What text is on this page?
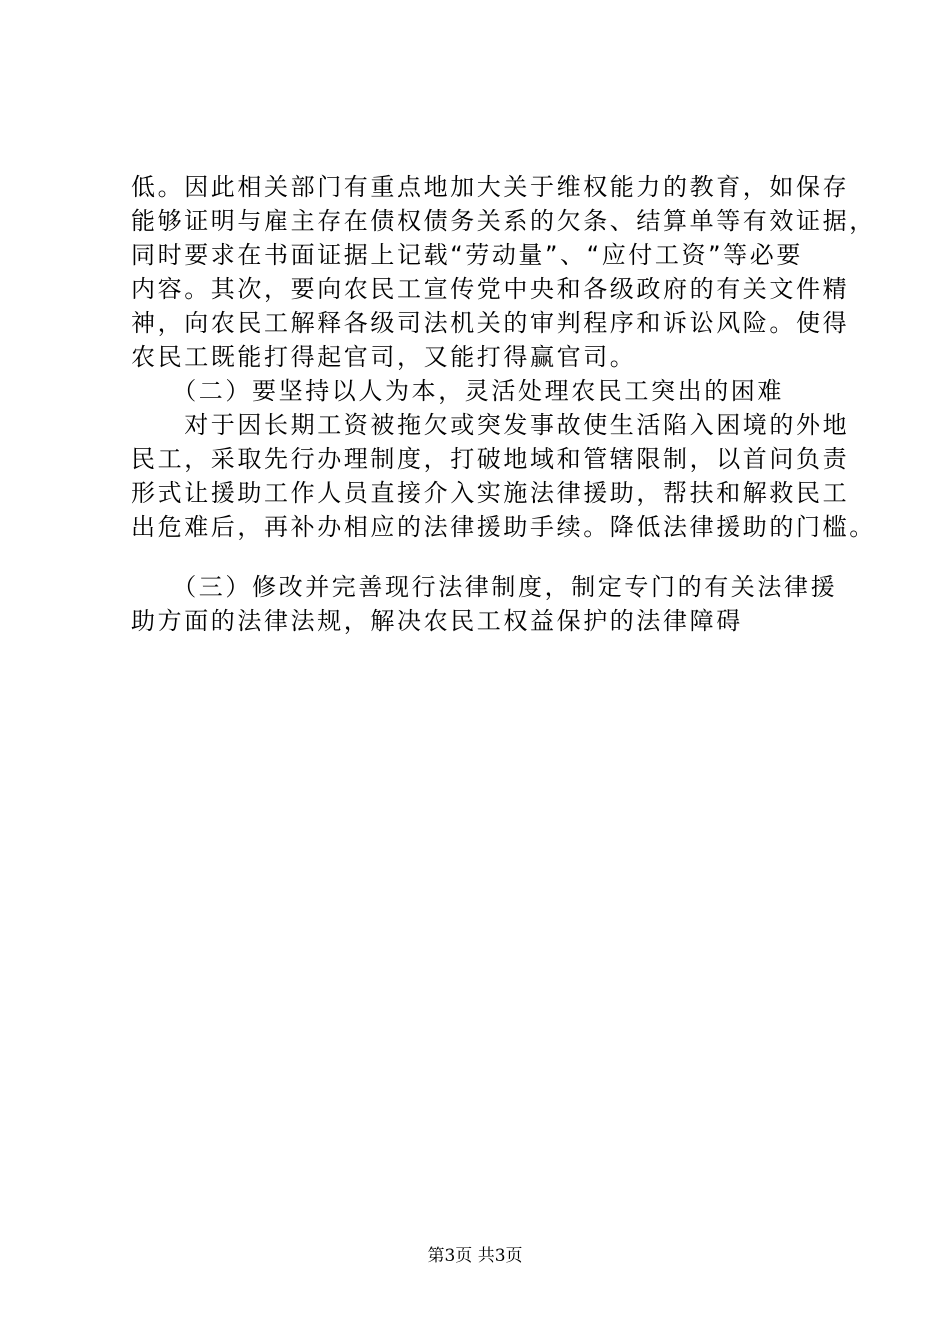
低。因此相关部门有重点地加大关于维权能力的教育，如保存
能够证明与雇主存在债权债务关系的欠条、结算单等有效证据，
同时要求在书面证据上记载“劳动量”、“应付工资”等必要
内容。其次，要向农民工宣传党中央和各级政府的有关文件精
神，向农民工解释各级司法机关的审判程序和诉讼风险。使得
农民工既能打得起官司，又能打得赢官司。
　　（二）要坚持以人为本，灵活处理农民工突出的困难
　　对于因长期工资被拖欠或突发事故使生活陷入困境的外地
民工，采取先行办理制度，打破地域和管辖限制，以首问负责
形式让援助工作人员直接介入实施法律援助，帮扶和解救民工
出危难后，再补办相应的法律援助手续。降低法律援助的门槛。
　　（三）修改并完善现行法律制度，制定专门的有关法律援
助方面的法律法规，解决农民工权益保护的法律障碍
第3页 共3页
